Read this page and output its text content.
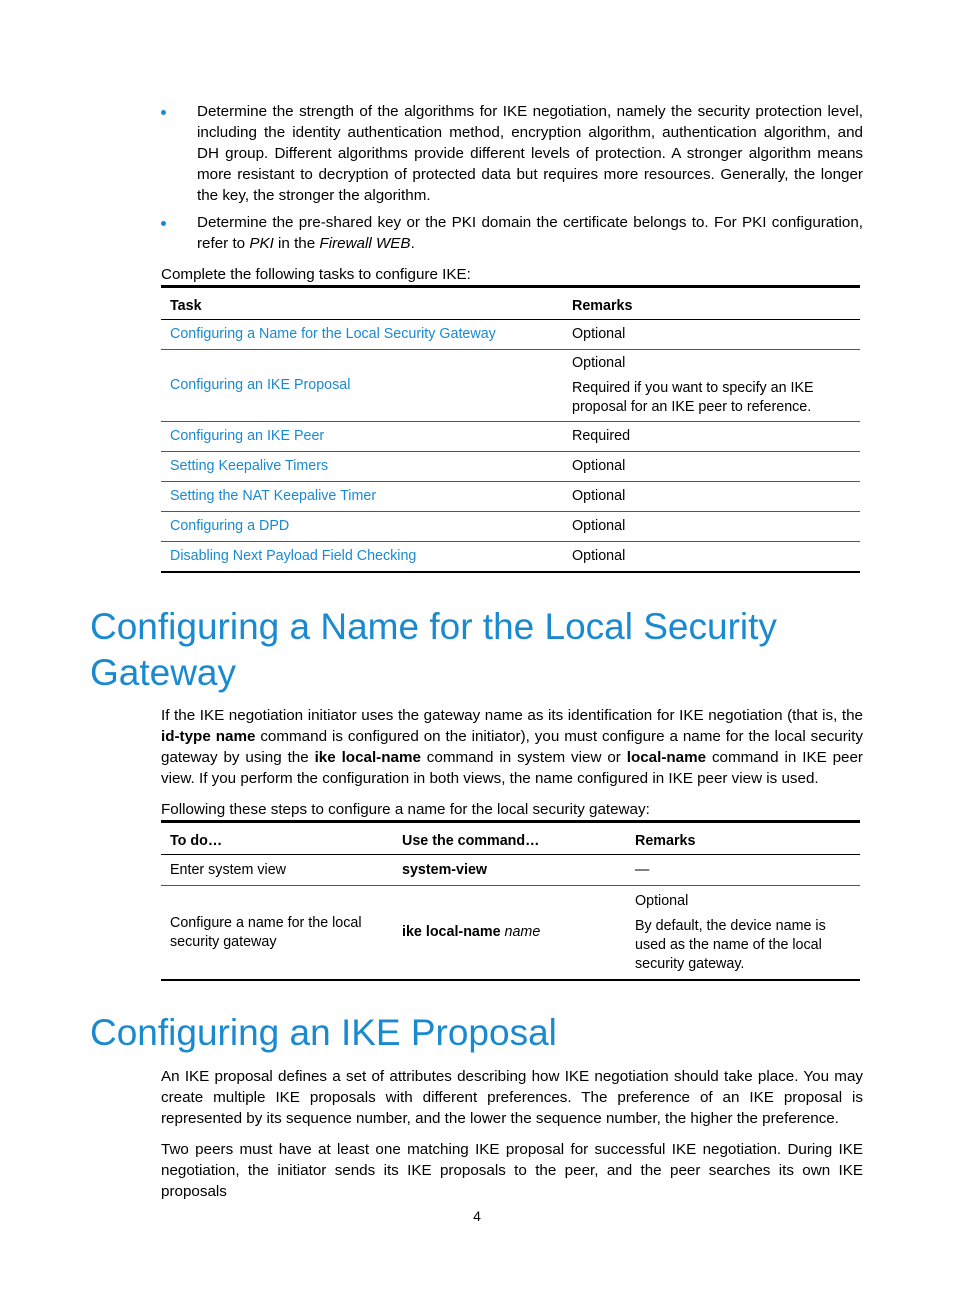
Determine the strength of the algorithms for IKE negotiation, namely the security protection level, including the identity authentication method, encryption algorithm, authentication algorithm, and DH group. Different algorithms provide different levels of protection. A stronger algorithm means more resistant to decryption of protected data but requires more resources. Generally, the longer the key, the stronger the algorithm.
Determine the pre-shared key or the PKI domain the certificate belongs to. For PKI configuration, refer to PKI in the Firewall WEB.

Complete the following tasks to configure IKE:

Task	Remarks
Configuring a Name for the Local Security Gateway	Optional
Configuring an IKE Proposal	Optional
Required if you want to specify an IKE proposal for an IKE peer to reference.

Configuring an IKE Peer	Required
Setting Keepalive Timers	Optional
Setting the NAT Keepalive Timer	Optional
Configuring a DPD	Optional
Disabling Next Payload Field Checking	Optional
Configuring a Name for the Local Security
Gateway

If the IKE negotiation initiator uses the gateway name as its identification for IKE negotiation (that is, the id-type name command is configured on the initiator), you must configure a name for the local security gateway by using the ike local-name command in system view or local-name command in IKE peer view. If you perform the configuration in both views, the name configured in IKE peer view is used.

Following these steps to configure a name for the local security gateway:

To do…	Use the command…	Remarks
Enter system view	system-view	—
Configure a name for the local security gateway	ike local-name name	Optional
By default, the device name is used as the name of the local security gateway.
Configuring an IKE Proposal

An IKE proposal defines a set of attributes describing how IKE negotiation should take place. You may create multiple IKE proposals with different preferences. The preference of an IKE proposal is represented by its sequence number, and the lower the sequence number, the higher the preference.

Two peers must have at least one matching IKE proposal for successful IKE negotiation. During IKE negotiation, the initiator sends its IKE proposals to the peer, and the peer searches its own IKE proposals

4
